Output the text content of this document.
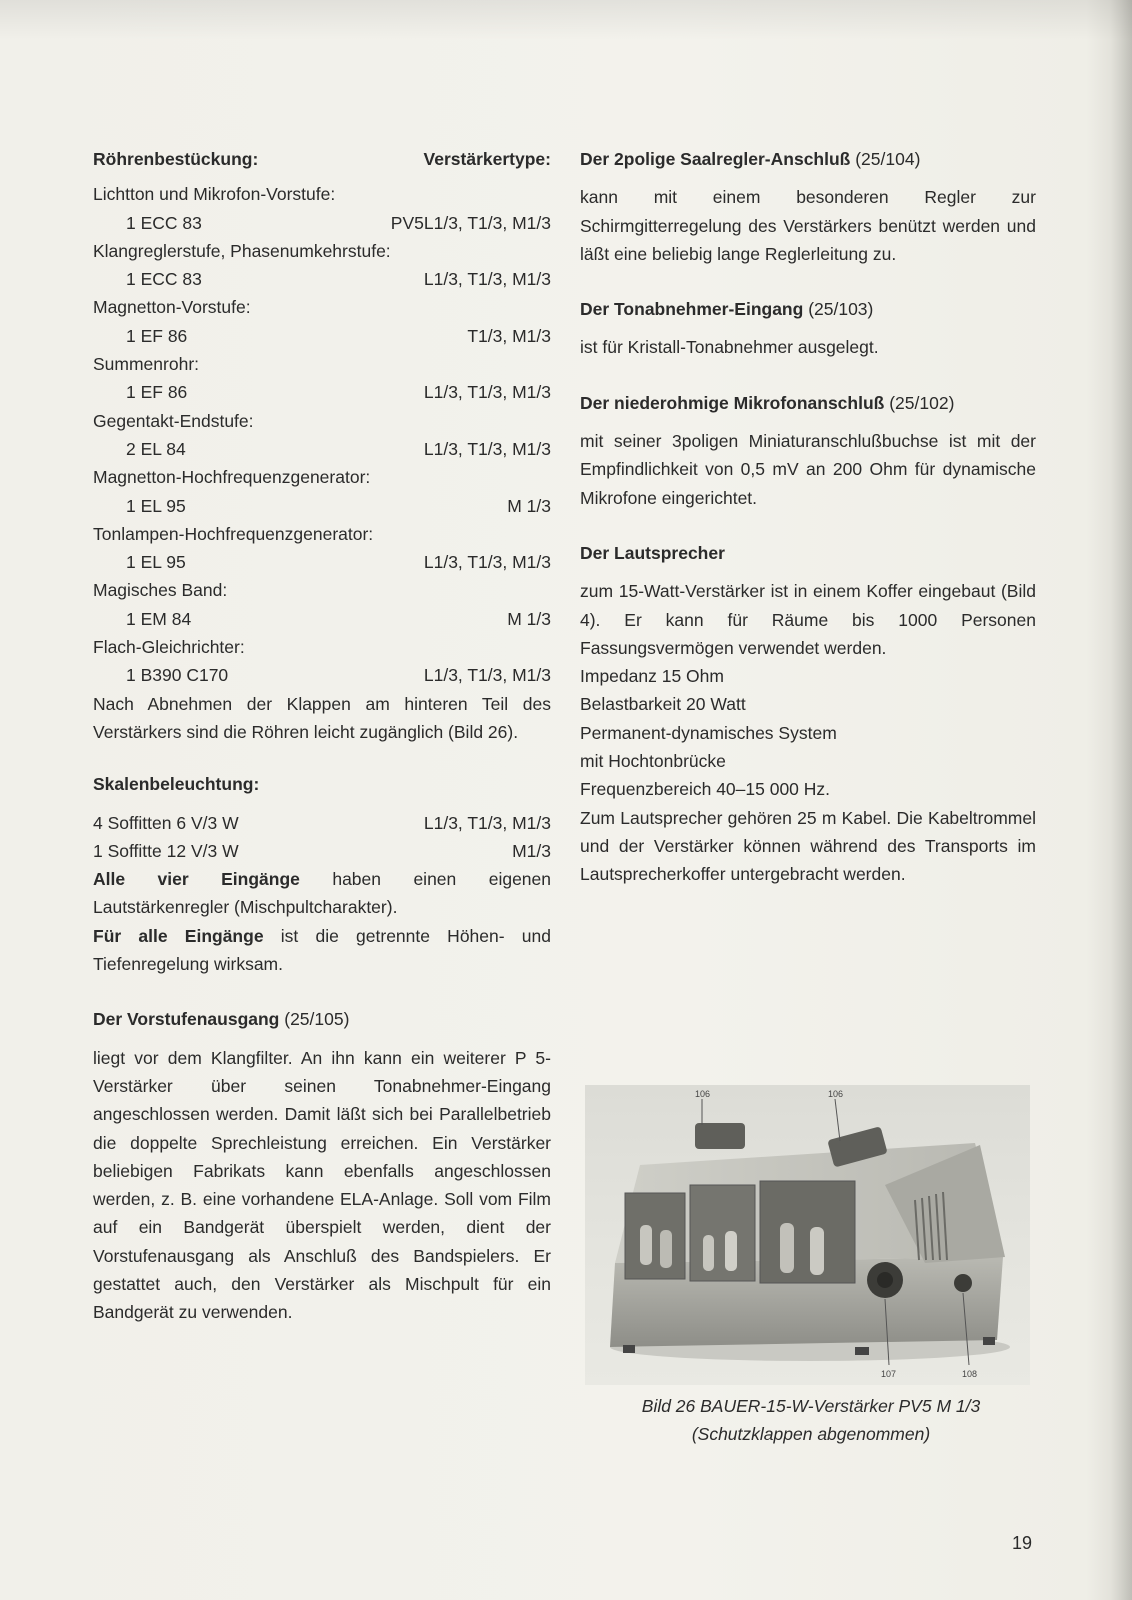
Röhrenbestückung:	Verstärkertype:

Lichtton und Mikrofon-Vorstufe:

1 ECC 83	PV5L1/3, T1/3, M1/3

Klangreglerstufe, Phasenumkehrstufe:

1 ECC 83	L1/3, T1/3, M1/3

Magnetton-Vorstufe:

1 EF 86	T1/3, M1/3

Summenrohr:

1 EF 86	L1/3, T1/3, M1/3

Gegentakt-Endstufe:

2 EL 84	L1/3, T1/3, M1/3

Magnetton-Hochfrequenzgenerator:

1 EL 95	M 1/3

Tonlampen-Hochfrequenzgenerator:

1 EL 95	L1/3, T1/3, M1/3

Magisches Band:

1 EM 84	M 1/3

Flach-Gleichrichter:

1 B390 C170	L1/3, T1/3, M1/3

Nach Abnehmen der Klappen am hinteren Teil des Verstärkers sind die Röhren leicht zugänglich (Bild 26).

Skalenbeleuchtung:

4 Soffitten 6 V/3 W	L1/3, T1/3, M1/3
1 Soffitte 12 V/3 W	M1/3

Alle vier Eingänge haben einen eigenen Lautstärkenregler (Mischpultcharakter).

Für alle Eingänge ist die getrennte Höhen- und Tiefenregelung wirksam.

Der Vorstufenausgang (25/105)

liegt vor dem Klangfilter. An ihn kann ein weiterer P 5-Verstärker über seinen Tonabnehmer-Eingang angeschlossen werden. Damit läßt sich bei Parallelbetrieb die doppelte Sprechleistung erreichen. Ein Verstärker beliebigen Fabrikats kann ebenfalls angeschlossen werden, z. B. eine vorhandene ELA-Anlage. Soll vom Film auf ein Bandgerät überspielt werden, dient der Vorstufenausgang als Anschluß des Bandspielers. Er gestattet auch, den Verstärker als Mischpult für ein Bandgerät zu verwenden.

Der 2polige Saalregler-Anschluß (25/104)

kann mit einem besonderen Regler zur Schirmgitterregelung des Verstärkers benützt werden und läßt eine beliebig lange Reglerleitung zu.

Der Tonabnehmer-Eingang (25/103)

ist für Kristall-Tonabnehmer ausgelegt.

Der niederohmige Mikrofonanschluß (25/102)

mit seiner 3poligen Miniaturanschlußbuchse ist mit der Empfindlichkeit von 0,5 mV an 200 Ohm für dynamische Mikrofone eingerichtet.

Der Lautsprecher

zum 15-Watt-Verstärker ist in einem Koffer eingebaut (Bild 4). Er kann für Räume bis 1000 Personen Fassungsvermögen verwendet werden.

Impedanz 15 Ohm

Belastbarkeit 20 Watt

Permanent-dynamisches System

mit Hochtonbrücke

Frequenzbereich 40–15 000 Hz.

Zum Lautsprecher gehören 25 m Kabel. Die Kabeltrommel und der Verstärker können während des Transports im Lautsprecherkoffer untergebracht werden.

106	106
107	108
Bild 26 BAUER-15-W-Verstärker PV5 M 1/3
(Schutzklappen abgenommen)
19
